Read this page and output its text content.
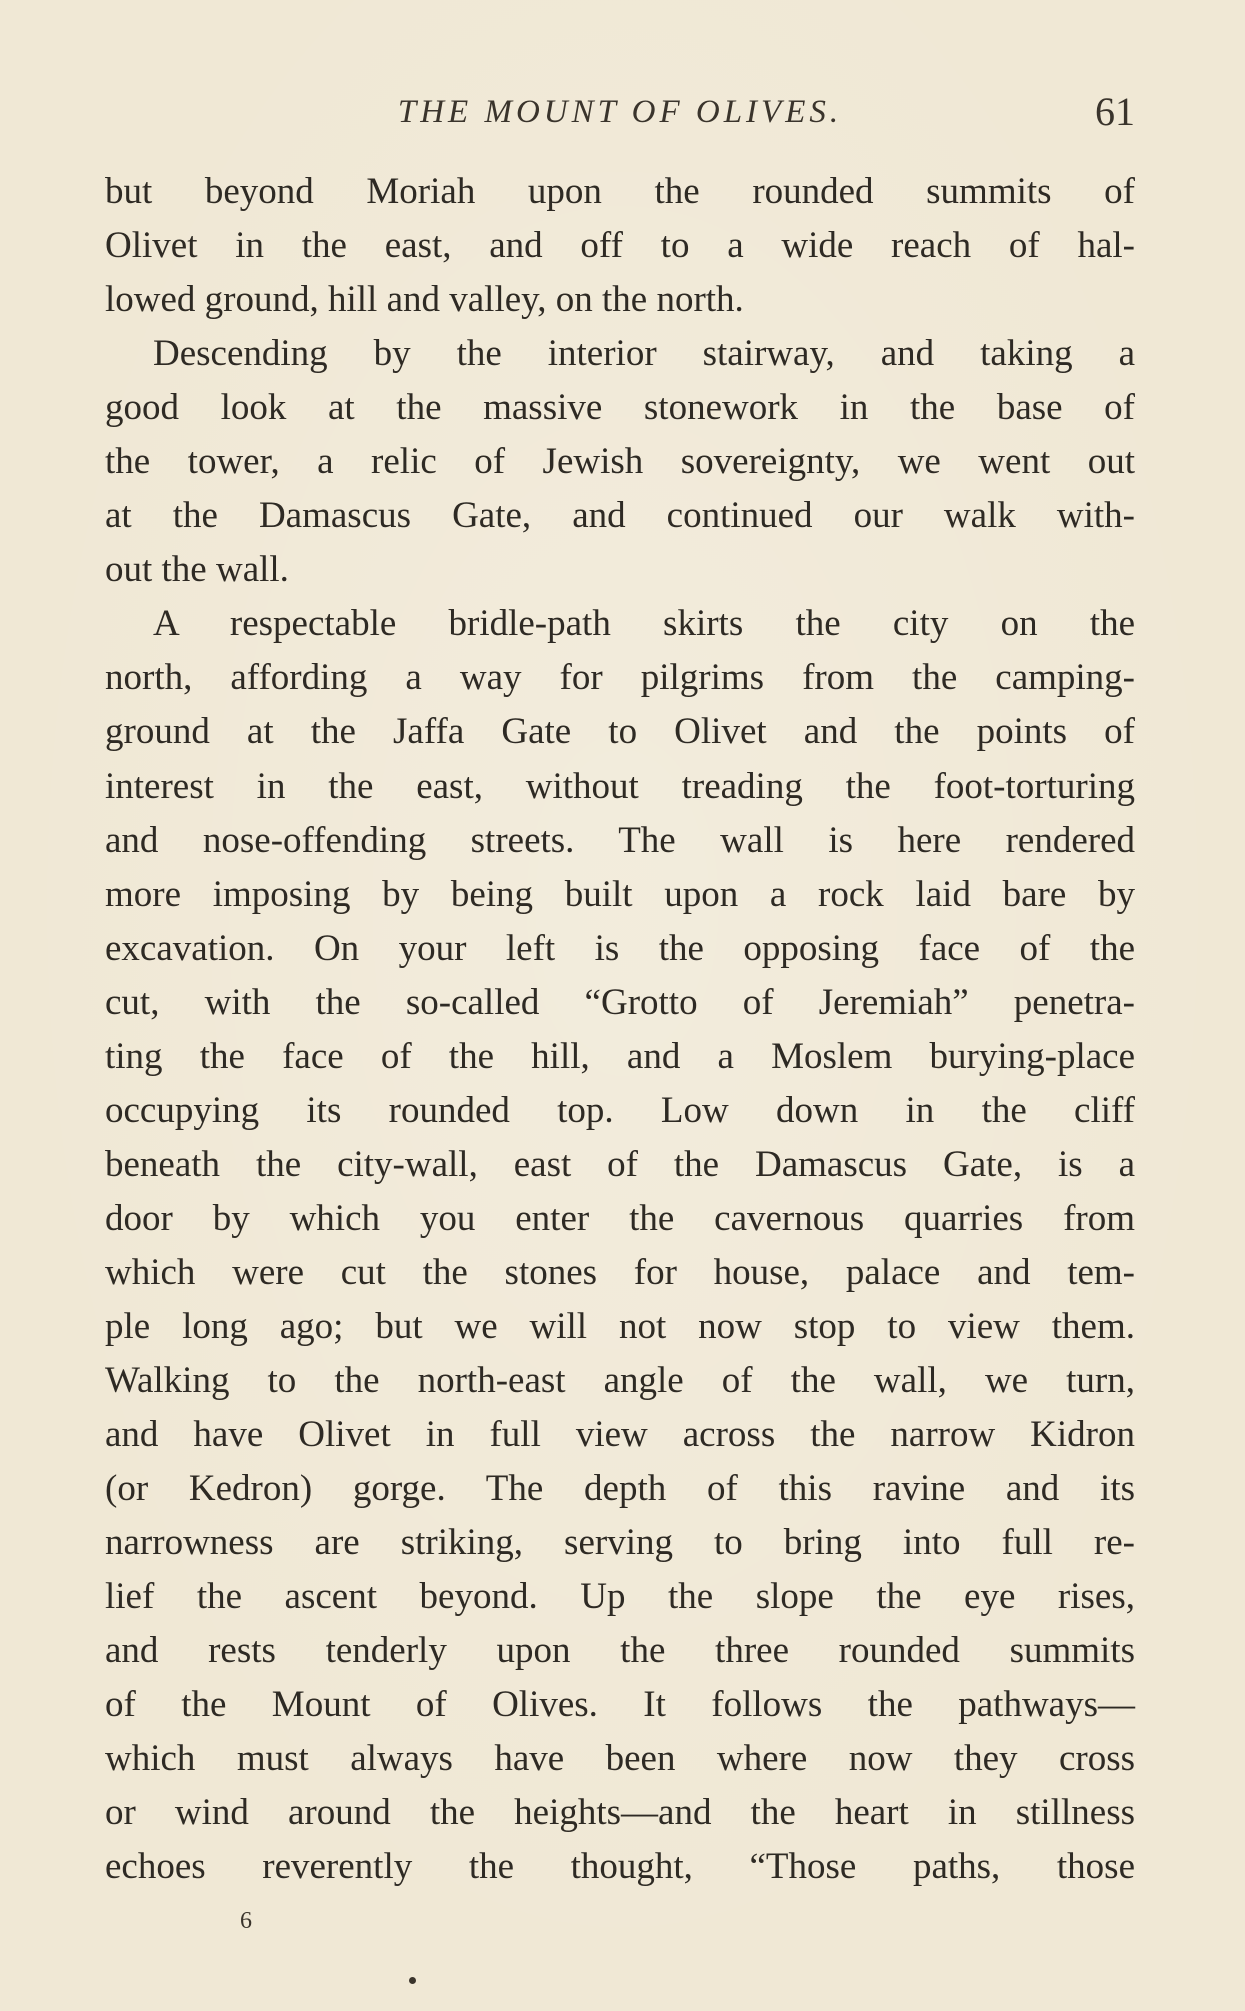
THE MOUNT OF OLIVES.	61
but beyond Moriah upon the rounded summits of
Olivet in the east, and off to a wide reach of hal-
lowed ground, hill and valley, on the north.
Descending by the interior stairway, and taking a
good look at the massive stonework in the base of
the tower, a relic of Jewish sovereignty, we went out
at the Damascus Gate, and continued our walk with-
out the wall.
A respectable bridle-path skirts the city on the
north, affording a way for pilgrims from the camping-
ground at the Jaffa Gate to Olivet and the points of
interest in the east, without treading the foot-torturing
and nose-offending streets. The wall is here rendered
more imposing by being built upon a rock laid bare by
excavation. On your left is the opposing face of the
cut, with the so-called “Grotto of Jeremiah” penetra-
ting the face of the hill, and a Moslem burying-place
occupying its rounded top. Low down in the cliff
beneath the city-wall, east of the Damascus Gate, is a
door by which you enter the cavernous quarries from
which were cut the stones for house, palace and tem-
ple long ago; but we will not now stop to view them.
Walking to the north-east angle of the wall, we turn,
and have Olivet in full view across the narrow Kidron
(or Kedron) gorge. The depth of this ravine and its
narrowness are striking, serving to bring into full re-
lief the ascent beyond. Up the slope the eye rises,
and rests tenderly upon the three rounded summits
of the Mount of Olives. It follows the pathways—
which must always have been where now they cross
or wind around the heights—and the heart in stillness
echoes reverently the thought, “Those paths, those
6
